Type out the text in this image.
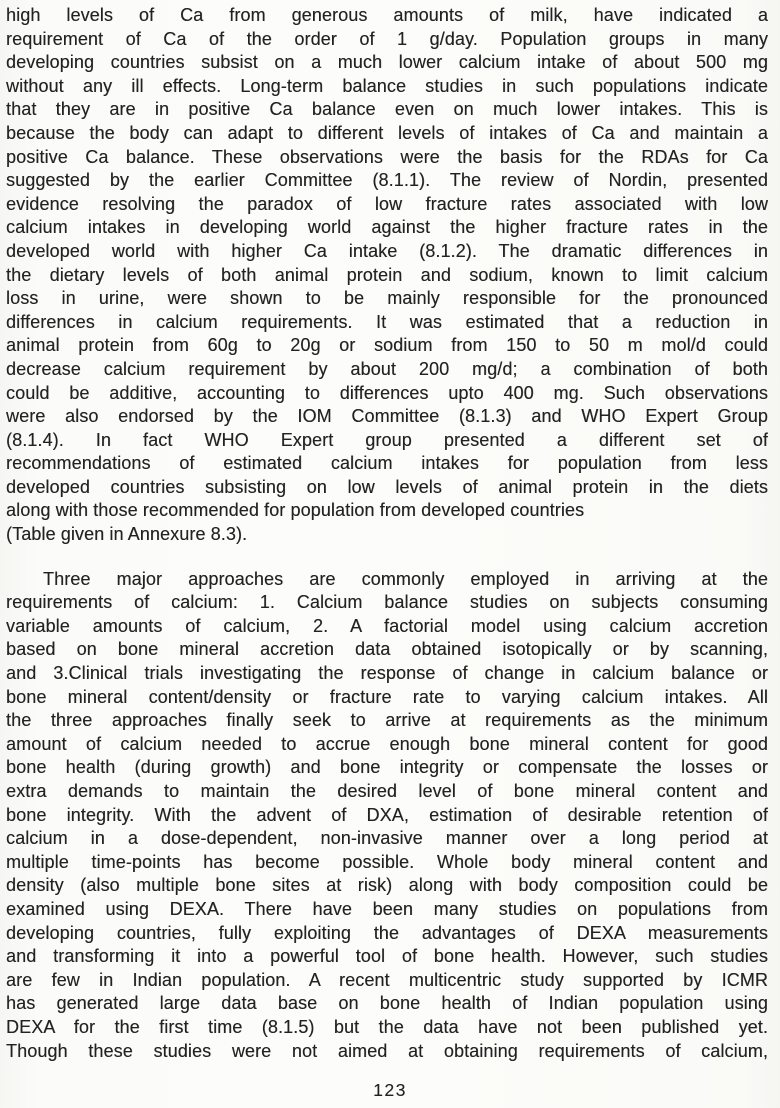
high levels of Ca from generous amounts of milk, have indicated a
requirement of Ca of the order of 1 g/day. Population groups in many
developing countries subsist on a much lower calcium intake of about 500 mg
without any ill effects. Long-term balance studies in such populations indicate
that they are in positive Ca balance even on much lower intakes. This is
because the body can adapt to different levels of intakes of Ca and maintain a
positive Ca balance. These observations were the basis for the RDAs for Ca
suggested by the earlier Committee (8.1.1). The review of Nordin, presented
evidence resolving the paradox of low fracture rates associated with low
calcium intakes in developing world against the higher fracture rates in the
developed world with higher Ca intake (8.1.2). The dramatic differences in
the dietary levels of both animal protein and sodium, known to limit calcium
loss in urine, were shown to be mainly responsible for the pronounced
differences in calcium requirements. It was estimated that a reduction in
animal protein from 60g to 20g or sodium from 150 to 50 m mol/d could
decrease calcium requirement by about 200 mg/d; a combination of both
could be additive, accounting to differences upto 400 mg. Such observations
were also endorsed by the IOM Committee (8.1.3) and WHO Expert Group
(8.1.4). In fact WHO Expert group presented a different set of
recommendations of estimated calcium intakes for population from less
developed countries subsisting on low levels of animal protein in the diets
along with those recommended for population from developed countries
(Table given in Annexure 8.3).
Three major approaches are commonly employed in arriving at the
requirements of calcium: 1. Calcium balance studies on subjects consuming
variable amounts of calcium, 2. A factorial model using calcium accretion
based on bone mineral accretion data obtained isotopically or by scanning,
and 3.Clinical trials investigating the response of change in calcium balance or
bone mineral content/density or fracture rate to varying calcium intakes. All
the three approaches finally seek to arrive at requirements as the minimum
amount of calcium needed to accrue enough bone mineral content for good
bone health (during growth) and bone integrity or compensate the losses or
extra demands to maintain the desired level of bone mineral content and
bone integrity. With the advent of DXA, estimation of desirable retention of
calcium in a dose-dependent, non-invasive manner over a long period at
multiple time-points has become possible. Whole body mineral content and
density (also multiple bone sites at risk) along with body composition could be
examined using DEXA. There have been many studies on populations from
developing countries, fully exploiting the advantages of DEXA measurements
and transforming it into a powerful tool of bone health. However, such studies
are few in Indian population. A recent multicentric study supported by ICMR
has generated large data base on bone health of Indian population using
DEXA for the first time (8.1.5) but the data have not been published yet.
Though these studies were not aimed at obtaining requirements of calcium,
123
